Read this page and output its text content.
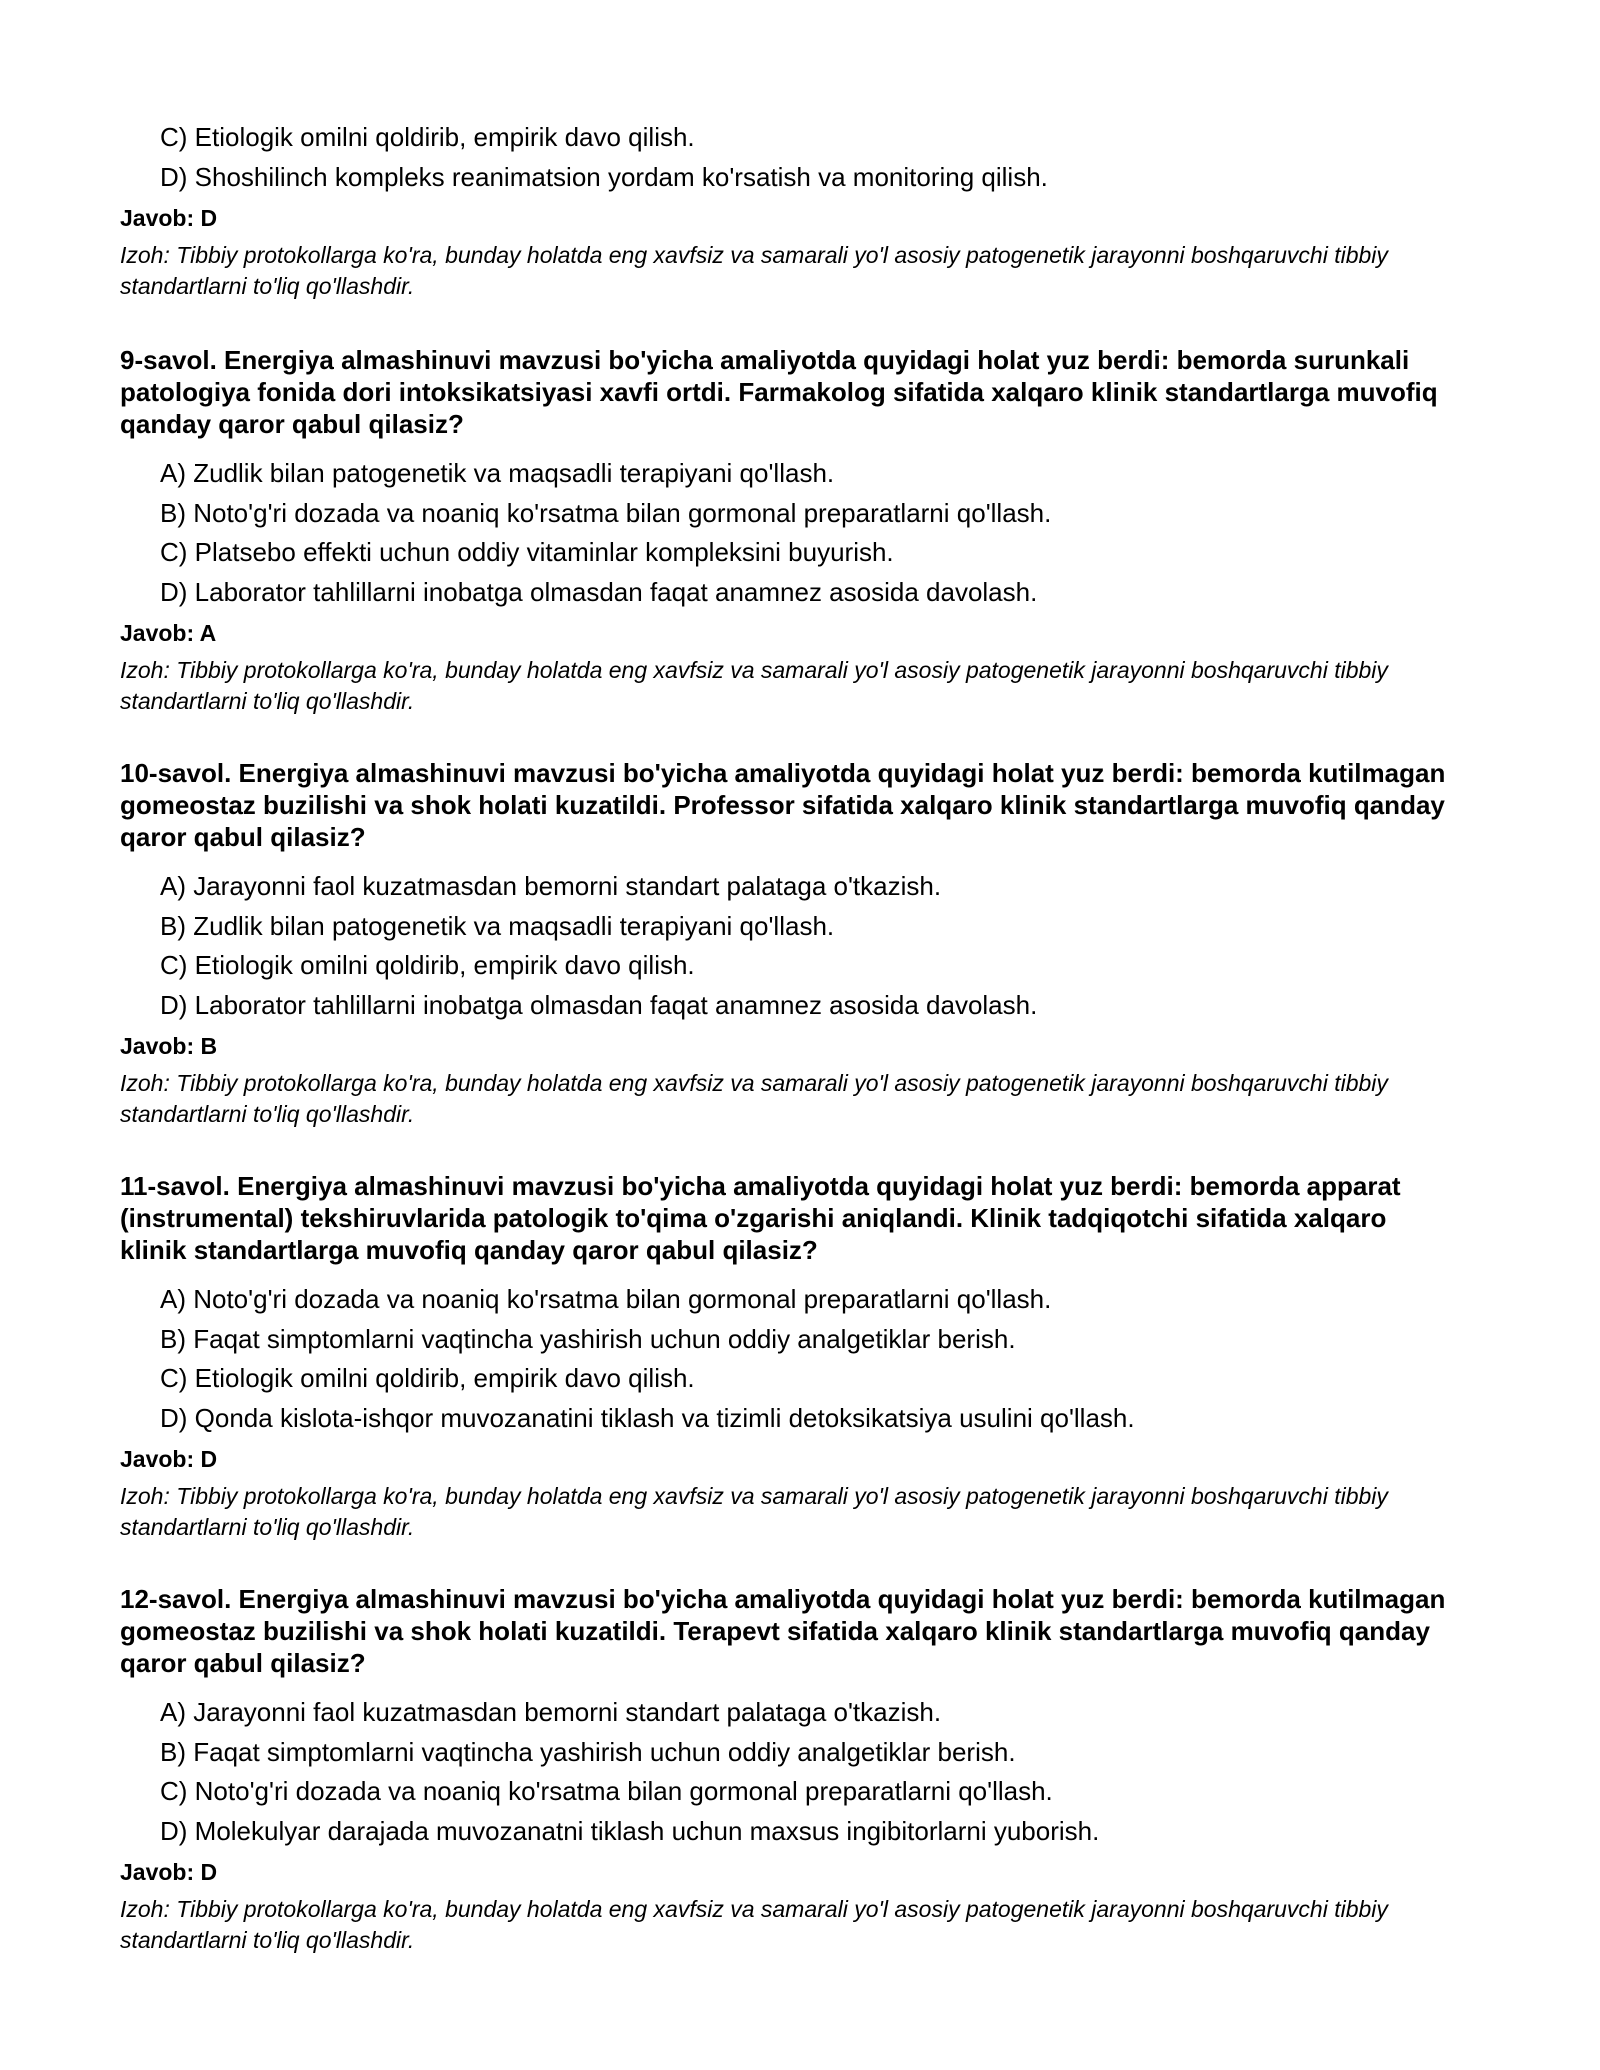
C) Etiologik omilni qoldirib, empirik davo qilish.
D) Shoshilinch kompleks reanimatsion yordam ko'rsatish va monitoring qilish.
Javob: D
Izoh: Tibbiy protokollarga ko'ra, bunday holatda eng xavfsiz va samarali yo'l asosiy patogenetik jarayonni boshqaruvchi tibbiy standartlarni to'liq qo'llashdir.
9-savol. Energiya almashinuvi mavzusi bo'yicha amaliyotda quyidagi holat yuz berdi: bemorda surunkali patologiya fonida dori intoksikatsiyasi xavfi ortdi. Farmakolog sifatida xalqaro klinik standartlarga muvofiq qanday qaror qabul qilasiz?
A) Zudlik bilan patogenetik va maqsadli terapiyani qo'llash.
B) Noto'g'ri dozada va noaniq ko'rsatma bilan gormonal preparatlarni qo'llash.
C) Platsebo effekti uchun oddiy vitaminlar kompleksini buyurish.
D) Laborator tahlillarni inobatga olmasdan faqat anamnez asosida davolash.
Javob: A
Izoh: Tibbiy protokollarga ko'ra, bunday holatda eng xavfsiz va samarali yo'l asosiy patogenetik jarayonni boshqaruvchi tibbiy standartlarni to'liq qo'llashdir.
10-savol. Energiya almashinuvi mavzusi bo'yicha amaliyotda quyidagi holat yuz berdi: bemorda kutilmagan gomeostaz buzilishi va shok holati kuzatildi. Professor sifatida xalqaro klinik standartlarga muvofiq qanday qaror qabul qilasiz?
A) Jarayonni faol kuzatmasdan bemorni standart palataga o'tkazish.
B) Zudlik bilan patogenetik va maqsadli terapiyani qo'llash.
C) Etiologik omilni qoldirib, empirik davo qilish.
D) Laborator tahlillarni inobatga olmasdan faqat anamnez asosida davolash.
Javob: B
Izoh: Tibbiy protokollarga ko'ra, bunday holatda eng xavfsiz va samarali yo'l asosiy patogenetik jarayonni boshqaruvchi tibbiy standartlarni to'liq qo'llashdir.
11-savol. Energiya almashinuvi mavzusi bo'yicha amaliyotda quyidagi holat yuz berdi: bemorda apparat (instrumental) tekshiruvlarida patologik to'qima o'zgarishi aniqlandi. Klinik tadqiqotchi sifatida xalqaro klinik standartlarga muvofiq qanday qaror qabul qilasiz?
A) Noto'g'ri dozada va noaniq ko'rsatma bilan gormonal preparatlarni qo'llash.
B) Faqat simptomlarni vaqtincha yashirish uchun oddiy analgetiklar berish.
C) Etiologik omilni qoldirib, empirik davo qilish.
D) Qonda kislota-ishqor muvozanatini tiklash va tizimli detoksikatsiya usulini qo'llash.
Javob: D
Izoh: Tibbiy protokollarga ko'ra, bunday holatda eng xavfsiz va samarali yo'l asosiy patogenetik jarayonni boshqaruvchi tibbiy standartlarni to'liq qo'llashdir.
12-savol. Energiya almashinuvi mavzusi bo'yicha amaliyotda quyidagi holat yuz berdi: bemorda kutilmagan gomeostaz buzilishi va shok holati kuzatildi. Terapevt sifatida xalqaro klinik standartlarga muvofiq qanday qaror qabul qilasiz?
A) Jarayonni faol kuzatmasdan bemorni standart palataga o'tkazish.
B) Faqat simptomlarni vaqtincha yashirish uchun oddiy analgetiklar berish.
C) Noto'g'ri dozada va noaniq ko'rsatma bilan gormonal preparatlarni qo'llash.
D) Molekulyar darajada muvozanatni tiklash uchun maxsus ingibitorlarni yuborish.
Javob: D
Izoh: Tibbiy protokollarga ko'ra, bunday holatda eng xavfsiz va samarali yo'l asosiy patogenetik jarayonni boshqaruvchi tibbiy standartlarni to'liq qo'llashdir.
